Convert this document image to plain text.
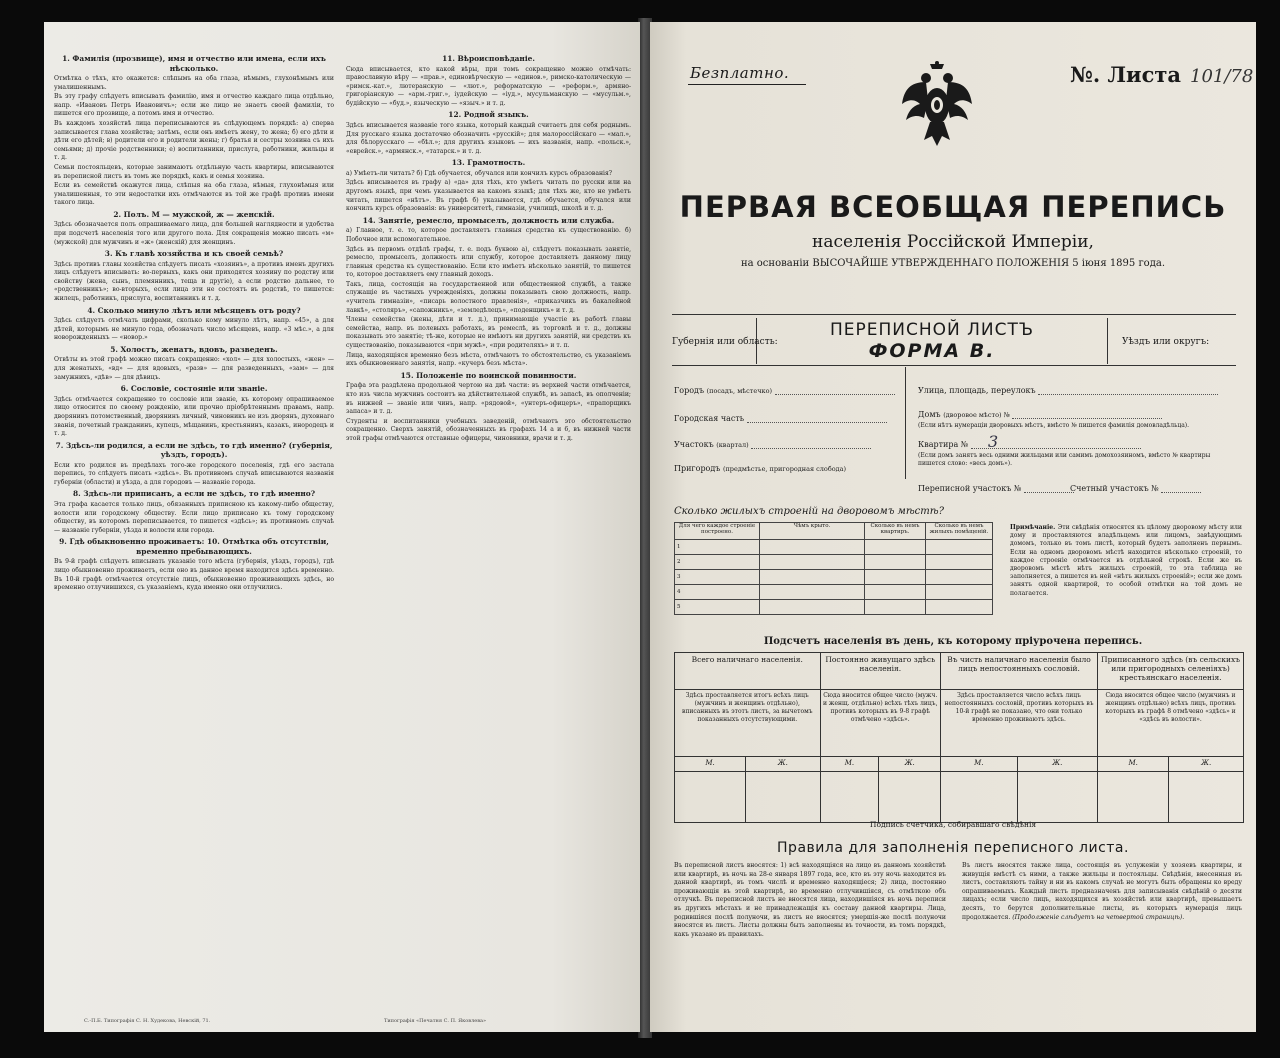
1. Фамилія (прозвище), имя и отчество или имена, если ихъ нѣсколько.

Отмѣтка о тѣхъ, кто окажется: слѣпымъ на оба глаза, нѣмымъ, глухонѣмымъ или умалишеннымъ.

Въ эту графу слѣдуетъ вписывать фамилію, имя и отчество каждаго лица отдѣльно, напр. «Ивановъ Петръ Ивановичъ»; если же лицо не знаетъ своей фамиліи, то пишется его прозвище, а потомъ имя и отчество.

Въ каждомъ хозяйствѣ лица переписываются въ слѣдующемъ порядкѣ: а) сперва записывается глава хозяйства; затѣмъ, если онъ имѣетъ жену, то жена; б) его дѣти и дѣти его дѣтей; в) родители его и родители жены; г) братья и сестры хозяина съ ихъ семьями; д) прочіе родственники; е) воспитанники, прислуга, работники, жильцы и т. д.

Семьи постояльцевъ, которые занимаютъ отдѣльную часть квартиры, вписываются въ переписной листъ въ томъ же порядкѣ, какъ и семья хозяина.

Если въ семействѣ окажутся лица, слѣпыя на оба глаза, нѣмыя, глухонѣмыя или умалишенныя, то эти недостатки ихъ отмѣчаются въ той же графѣ противъ имени такого лица.

2. Полъ. М — мужской, ж — женскій.

Здѣсь обозначается полъ опрашиваемаго лица, для большей наглядности и удобства при подсчетѣ населенія того или другого пола. Для сокращенія можно писать «м» (мужской) для мужчинъ и «ж» (женскій) для женщинъ.

3. Къ главѣ хозяйства и къ своей семьѣ?

Здѣсь противъ главы хозяйства слѣдуетъ писать «хозяинъ», а противъ именъ другихъ лицъ слѣдуетъ вписывать: во-первыхъ, какъ они приходятся хозяину по родству или свойству (жена, сынъ, племянникъ, теща и другіе), а если родство дальнее, то «родственникъ»; во-вторыхъ, если лица эти не состоятъ въ родствѣ, то пишется: жилецъ, работникъ, прислуга, воспитанникъ и т. д.

4. Сколько минуло лѣтъ или мѣсяцевъ отъ роду?

Здѣсь слѣдуетъ отмѣчать цифрами, сколько кому минуло лѣтъ, напр. «45», а для дѣтей, которымъ не минуло года, обозначать число мѣсяцевъ, напр. «3 мѣс.», а для новорожденныхъ — «новор.»

5. Холостъ, женатъ, вдовъ, разведенъ.

Отвѣты въ этой графѣ можно писать сокращенно: «хол» — для холостыхъ, «жен» — для женатыхъ, «вд» — для вдовыхъ, «разв» — для разведенныхъ, «зам» — для замужнихъ, «дѣв» — для дѣвицъ.

6. Сословіе, состояніе или званіе.

Здѣсь отмѣчается сокращенно то сословіе или званіе, къ которому опрашиваемое лицо относится по своему рожденію, или прочно пріобрѣтеннымъ правамъ, напр. дворянинъ потомственный, дворянинъ личный, чиновникъ не изъ дворянъ, духовнаго званія, почетный гражданинъ, купецъ, мѣщанинъ, крестьянинъ, казакъ, инородецъ и т. д.

7. Здѣсь-ли родился, а если не здѣсь, то гдѣ именно? (губернія, уѣздъ, городъ).

Если кто родился въ предѣлахъ того-же городского поселенія, гдѣ его застала перепись, то слѣдуетъ писать «здѣсь». Въ противномъ случаѣ вписываются названія губерніи (области) и уѣзда, а для городовъ — названіе города.

8. Здѣсь-ли приписанъ, а если не здѣсь, то гдѣ именно?

Эта графа касается только лицъ, обязанныхъ приписною къ какому-либо обществу, волости или городскому обществу. Если лицо приписано къ тому городскому обществу, въ которомъ переписывается, то пишется «здѣсь»; въ противномъ случаѣ — названіе губерніи, уѣзда и волости или города.

9. Гдѣ обыкновенно проживаетъ: 10. Отмѣтка объ отсутствіи, временно пребывающихъ.

Въ 9-й графѣ слѣдуетъ вписывать указаніе того мѣста (губернія, уѣздъ, городъ), гдѣ лицо обыкновенно проживаетъ, если оно въ данное время находится здѣсь временно. Въ 10-й графѣ отмѣчается отсутствіе лицъ, обыкновенно проживающихъ здѣсь, но временно отлучившихся, съ указаніемъ, куда именно они отлучились.

11. Вѣроисповѣданіе.

Сюда вписывается, кто какой вѣры, при томъ сокращенно можно отмѣчать: православную вѣру — «прав.», единовѣрческую — «единов.», римско-католическую — «римск.-кат.», лютеранскую — «лют.», реформатскую — «реформ.», армяно-григоріанскую — «арм.-григ.», іудейскую — «іуд.», мусульманскую — «мусульм.», будійскую — «буд.», языческую — «языч.» и т. д.

12. Родной языкъ.

Здѣсь вписывается названіе того языка, который каждый считаетъ для себя роднымъ. Для русскаго языка достаточно обозначить «русскій»; для малороссійскаго — «мал.», для бѣлорусскаго — «бѣл.»; для другихъ языковъ — ихъ названія, напр. «польск.», «еврейск.», «армянск.», «татарск.» и т. д.

13. Грамотность.

а) Умѣетъ-ли читать? б) Гдѣ обучается, обучался или кончилъ курсъ образованія?

Здѣсь вписывается въ графу а) «да» для тѣхъ, кто умѣетъ читать по русски или на другомъ языкѣ, при чемъ указывается на какомъ языкѣ; для тѣхъ же, кто не умѣетъ читать, пишется «нѣтъ». Въ графѣ б) указывается, гдѣ обучается, обучался или кончилъ курсъ образованія: въ университетѣ, гимназіи, училищѣ, школѣ и т. д.

14. Занятіе, ремесло, промыселъ, должность или служба.

а) Главное, т. е. то, которое доставляетъ главныя средства къ существованію. б) Побочное или вспомогательное.

Здѣсь въ первомъ отдѣлѣ графы, т. е. подъ буквою а), слѣдуетъ показывать занятіе, ремесло, промыселъ, должность или службу, которое доставляетъ данному лицу главныя средства къ существованію. Если кто имѣетъ нѣсколько занятій, то пишется то, которое доставляетъ ему главный доходъ.

Такъ, лица, состоящія на государственной или общественной службѣ, а также служащіе въ частныхъ учрежденіяхъ, должны показывать свою должность, напр. «учитель гимназіи», «писарь волостного правленія», «приказчикъ въ бакалейной лавкѣ», «столяръ», «сапожникъ», «земледѣлецъ», «поденщикъ» и т. д.

Члены семейства (жены, дѣти и т. д.), принимающіе участіе въ работѣ главы семейства, напр. въ полевыхъ работахъ, въ ремеслѣ, въ торговлѣ и т. д., должны показывать это занятіе; тѣ-же, которые не имѣютъ ни другихъ занятій, ни средствъ къ существованію, показываются «при мужѣ», «при родителяхъ» и т. п.

Лица, находящіяся временно безъ мѣста, отмѣчаютъ то обстоятельство, съ указаніемъ ихъ обыкновеннаго занятія, напр. «кучеръ безъ мѣста».

15. Положеніе по воинской повинности.

Графа эта раздѣлена продольной чертою на двѣ части: въ верхней части отмѣчается, кто изъ числа мужчинъ состоитъ на дѣйствительной службѣ, въ запасѣ, въ ополченіи; въ нижней — званіе или чинъ, напр. «рядовой», «унтеръ-офицеръ», «прапорщикъ запаса» и т. д.

Студенты и воспитанники учебныхъ заведеній, отмѣчаютъ это обстоятельство сокращенно. Сверхъ занятій, обозначенныхъ въ графахъ 14 а и 6, въ нижней части этой графы отмѣчаются отставные офицеры, чиновники, врачи и т. д.

С.-П.Б. Типографія С. Н. Худекова, Невскій, 71.	Типографія «Печатня С. П. Яковлева»
Безплатно.	№. Листа 101/78
ПЕРВАЯ ВСЕОБЩАЯ ПЕРЕПИСЬ
населенія Россійской Имперіи,
на основаніи ВЫСОЧАЙШЕ УТВЕРЖДЕННАГО ПОЛОЖЕНІЯ 5 іюня 1895 года.
ПЕРЕПИСНОЙ ЛИСТЪ
ФОРМА В.
Губернія или область:	Уѣздъ или округъ:
Городъ (посадъ, мѣстечко)
Городская часть
Участокъ (квартал)
Пригородъ (предмѣстье, пригородная слобода)
Улица, площадь, переулокъ
Домъ (дворовое мѣсто) №
(Если нѣтъ нумераціи дворовыхъ мѣстъ, вмѣсто № пишется фамилія домовладѣльца).
Квартира №	3
(Если домъ занятъ весь одними жильцами или самимъ домохозяиномъ, вмѣсто № квартиры пишется слово: «весь домъ»).
Переписной участокъ №	Счетный участокъ №
Сколько жилыхъ строеній на дворовомъ мѣстѣ?
Для чего каждое строеніе построено.	Чѣмъ крыто.	Сколько въ немъ квартиръ.	Сколько въ немъ жилыхъ помѣщеній.
1			
2			
3			
4			
5			
Примѣчаніе. Эти свѣдѣнія относятся къ цѣлому дворовому мѣсту или дому и проставляются владѣльцемъ или лицомъ, завѣдующимъ домомъ, только въ томъ листѣ, который будетъ заполненъ первымъ. Если на одномъ дворовомъ мѣстѣ находится нѣсколько строеній, то каждое строеніе отмѣчается въ отдѣльной строкѣ. Если же въ дворовомъ мѣстѣ нѣтъ жилыхъ строеній, то эта таблица не заполняется, а пишется въ ней «нѣтъ жилыхъ строеній»; если же домъ занятъ одной квартирой, то особой отмѣтки на той домъ не полагается.
Подсчетъ населенія въ день, къ которому пріурочена перепись.
Всего наличнаго населенія.		Постоянно живущаго здѣсь населенія.		Въ чисть наличнаго населенія было лицъ непостоянныхъ сословій.		Приписанного здѣсь (въ сельскихъ или пригородныхъ селеніяхъ) крестьянскаго населенія.	
Здѣсь проставляется итогъ всѣхъ лицъ (мужчинъ и женщинъ отдѣльно), вписанныхъ въ этотъ листъ, за вычетомъ показанныхъ отсутствующими.		Сюда вносится общее число (мужч. и женщ. отдѣльно) всѣхъ тѣхъ лицъ, противъ которыхъ въ 9-8 графѣ отмѣчено «здѣсь».		Здѣсь проставляется число всѣхъ лицъ непостоянныхъ сословій, противъ которыхъ въ 10-й графѣ не показано, что они только временно проживаютъ здѣсь.		Сюда вносится общее число (мужчинъ и женщинъ отдѣльно) всѣхъ лицъ, противъ которыхъ въ графѣ 8 отмѣчено «здѣсь» и «здѣсь въ волости».	
М.	Ж.	М.	Ж.	М.	Ж.	М.	Ж.

Подпись счетчика, собиравшаго свѣдѣнія
Правила для заполненія переписного листа.
Въ переписной листъ вносятся: 1) всѣ находящіяся на лицо въ данномъ хозяйствѣ или квартирѣ, въ ночь на 28-е января 1897 года, все, кто въ эту ночь находится въ данной квартирѣ, въ томъ числѣ и временно находящіеся; 2) лица, постоянно проживающія въ этой квартирѣ, но временно отлучившіяся, съ отмѣткою объ отлучкѣ. Въ переписной листъ не вносятся лица, находившіяся въ ночь переписи въ другихъ мѣстахъ и не принадлежащія къ составу данной квартиры. Лица, родившіяся послѣ полуночи, въ листъ не вносятся; умершія-же послѣ полуночи вносятся въ листъ. Листы должны быть заполнены въ точности, въ томъ порядкѣ, какъ указано въ правилахъ.
Въ листъ вносятся также лица, состоящія въ услуженіи у хозяевъ квартиры, и живущія вмѣстѣ съ ними, а также жильцы и постояльцы. Свѣдѣнія, внесенныя въ листъ, составляютъ тайну и ни въ какомъ случаѣ не могутъ быть обращены ко вреду опрашиваемыхъ. Каждый листъ предназначенъ для записыванія свѣдѣній о десяти лицахъ; если число лицъ, находящихся въ хозяйствѣ или квартирѣ, превышаетъ десять, то берутся дополнительные листы, въ которыхъ нумерація лицъ продолжается. (Продолженіе слѣдуетъ на четвертой страницѣ).
